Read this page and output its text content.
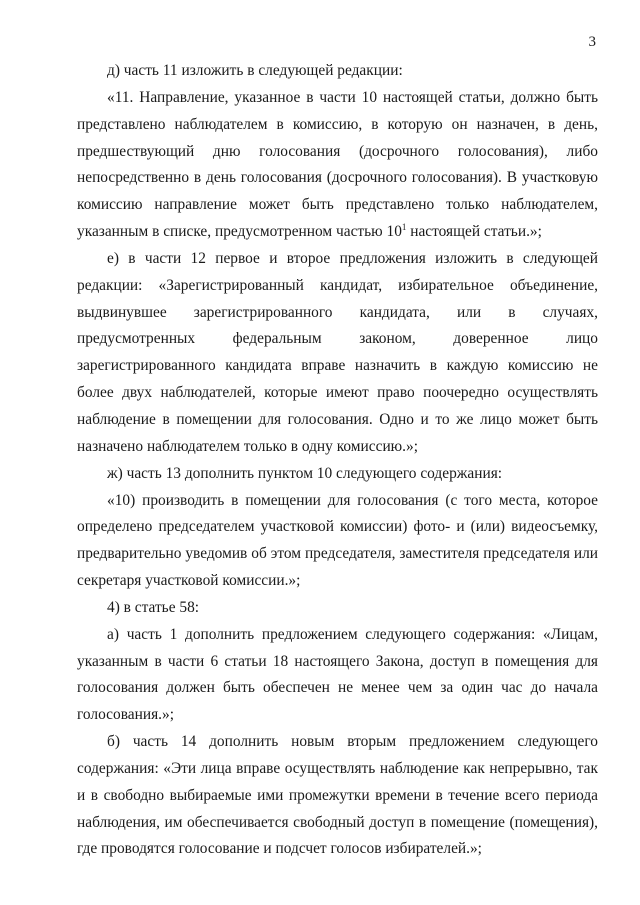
3

д) часть 11 изложить в следующей редакции:

«11. Направление, указанное в части 10 настоящей статьи, должно быть представлено наблюдателем в комиссию, в которую он назначен, в день, предшествующий дню голосования (досрочного голосования), либо непосредственно в день голосования (досрочного голосования). В участковую комиссию направление может быть представлено только наблюдателем, указанным в списке, предусмотренном частью $10^1$ настоящей статьи.»;

е) в части 12 первое и второе предложения изложить в следующей редакции: «Зарегистрированный кандидат, избирательное объединение, выдвинувшее зарегистрированного кандидата, или в случаях, предусмотренных федеральным законом, доверенное лицо зарегистрированного кандидата вправе назначить в каждую комиссию не более двух наблюдателей, которые имеют право поочередно осуществлять наблюдение в помещении для голосования. Одно и то же лицо может быть назначено наблюдателем только в одну комиссию.»;

ж) часть 13 дополнить пунктом 10 следующего содержания:

«10) производить в помещении для голосования (с того места, которое определено председателем участковой комиссии) фото- и (или) видеосъемку, предварительно уведомив об этом председателя, заместителя председателя или секретаря участковой комиссии.»;

4) в статье 58:

а) часть 1 дополнить предложением следующего содержания: «Лицам, указанным в части 6 статьи 18 настоящего Закона, доступ в помещения для голосования должен быть обеспечен не менее чем за один час до начала голосования.»;

б) часть 14 дополнить новым вторым предложением следующего содержания: «Эти лица вправе осуществлять наблюдение как непрерывно, так и в свободно выбираемые ими промежутки времени в течение всего периода наблюдения, им обеспечивается свободный доступ в помещение (помещения), где проводятся голосование и подсчет голосов избирателей.»;
